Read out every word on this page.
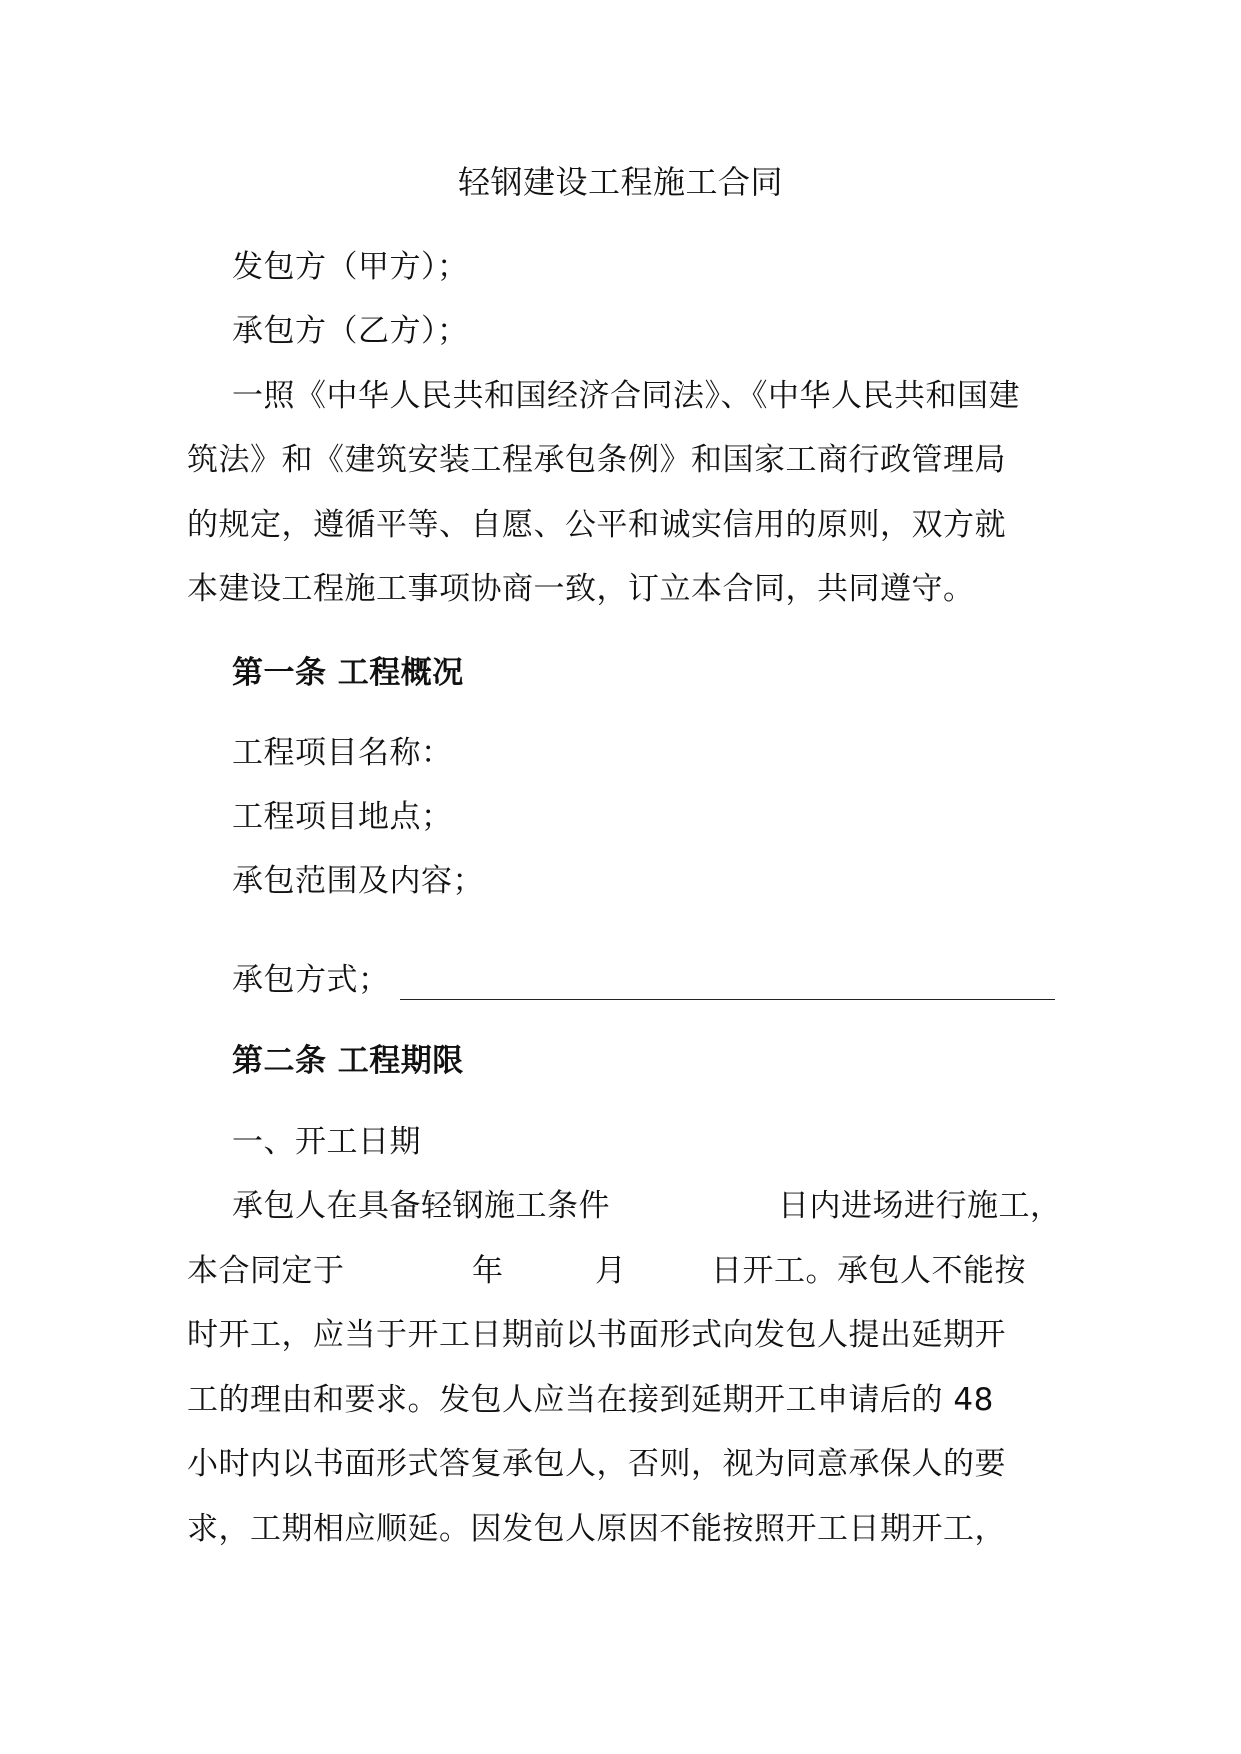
轻钢建设工程施工合同
发包方（甲方）；
承包方（乙方）；
一照《中华人民共和国经济合同法》、《中华人民共和国建
筑法》和《建筑安装工程承包条例》和国家工商行政管理局
的规定，遵循平等、自愿、公平和诚实信用的原则，双方就
本建设工程施工事项协商一致，订立本合同，共同遵守。
第一条 工程概况
工程项目名称：
工程项目地点；
承包范围及内容；
承包方式；
第二条 工程期限
一、开工日期
承包人在具备轻钢施工条件	日内进场进行施工，
本合同定于	年	月	日开工。承包人不能按
时开工，应当于开工日期前以书面形式向发包人提出延期开
工的理由和要求。发包人应当在接到延期开工申请后的 48
小时内以书面形式答复承包人，否则，视为同意承保人的要
求，工期相应顺延。因发包人原因不能按照开工日期开工，
